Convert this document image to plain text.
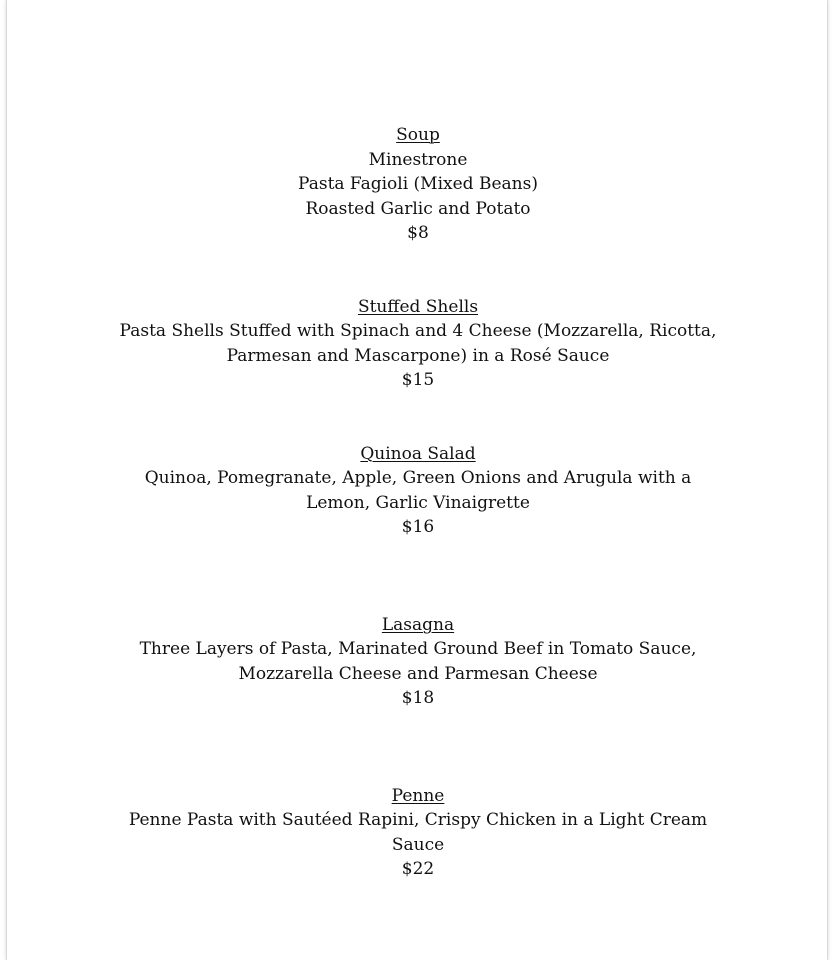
Soup
Minestrone
Pasta Fagioli (Mixed Beans)
Roasted Garlic and Potato
$8
Stuffed Shells
Pasta Shells Stuffed with Spinach and 4 Cheese (Mozzarella, Ricotta,
Parmesan and Mascarpone) in a Rosé Sauce
$15
Quinoa Salad
Quinoa, Pomegranate, Apple, Green Onions and Arugula with a
Lemon, Garlic Vinaigrette
$16
Lasagna
Three Layers of Pasta, Marinated Ground Beef in Tomato Sauce,
Mozzarella Cheese and Parmesan Cheese
$18
Penne
Penne Pasta with Sautéed Rapini, Crispy Chicken in a Light Cream
Sauce
$22
